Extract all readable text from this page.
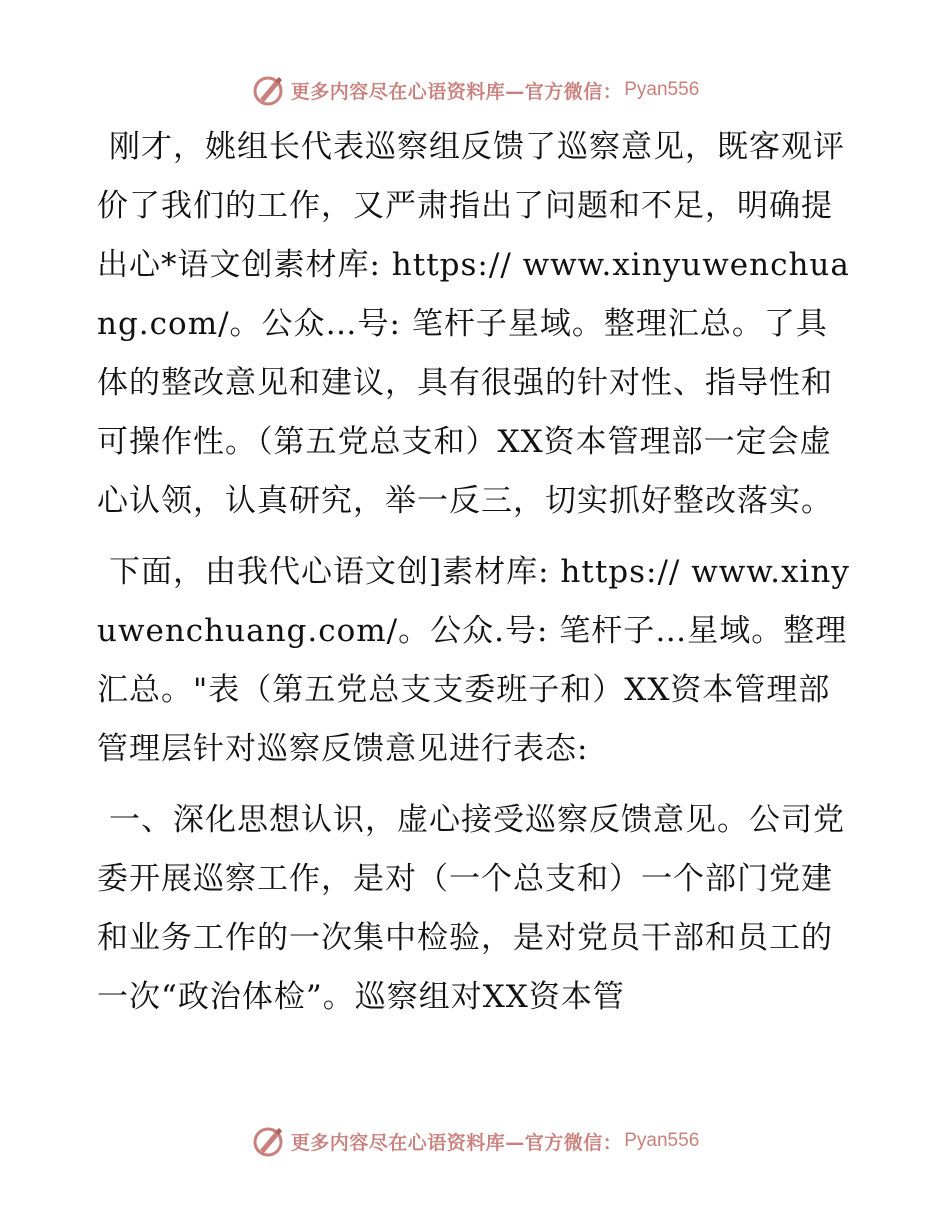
更多内容尽在心语资料库—官方微信： Pyan556

刚才，姚组长代表巡察组反馈了巡察意见，既客观评价了我们的工作，又严肃指出了问题和不足，明确提出心*语文创素材库: https:// www.xinyuwenchuang.com/。公众…号: 笔杆子星域。整理汇总。了具体的整改意见和建议，具有很强的针对性、指导性和可操作性。（第五党总支和）XX资本管理部一定会虚心认领，认真研究，举一反三，切实抓好整改落实。

下面，由我代心语文创]素材库: https:// www.xinyuwenchuang.com/。公众.号: 笔杆子…星域。整理汇总。"表（第五党总支支委班子和）XX资本管理部管理层针对巡察反馈意见进行表态:

一、深化思想认识，虚心接受巡察反馈意见。公司党委开展巡察工作，是对（一个总支和）一个部门党建和业务工作的一次集中检验，是对党员干部和员工的一次“政治体检”。巡察组对XX资本管

更多内容尽在心语资料库—官方微信： Pyan556
